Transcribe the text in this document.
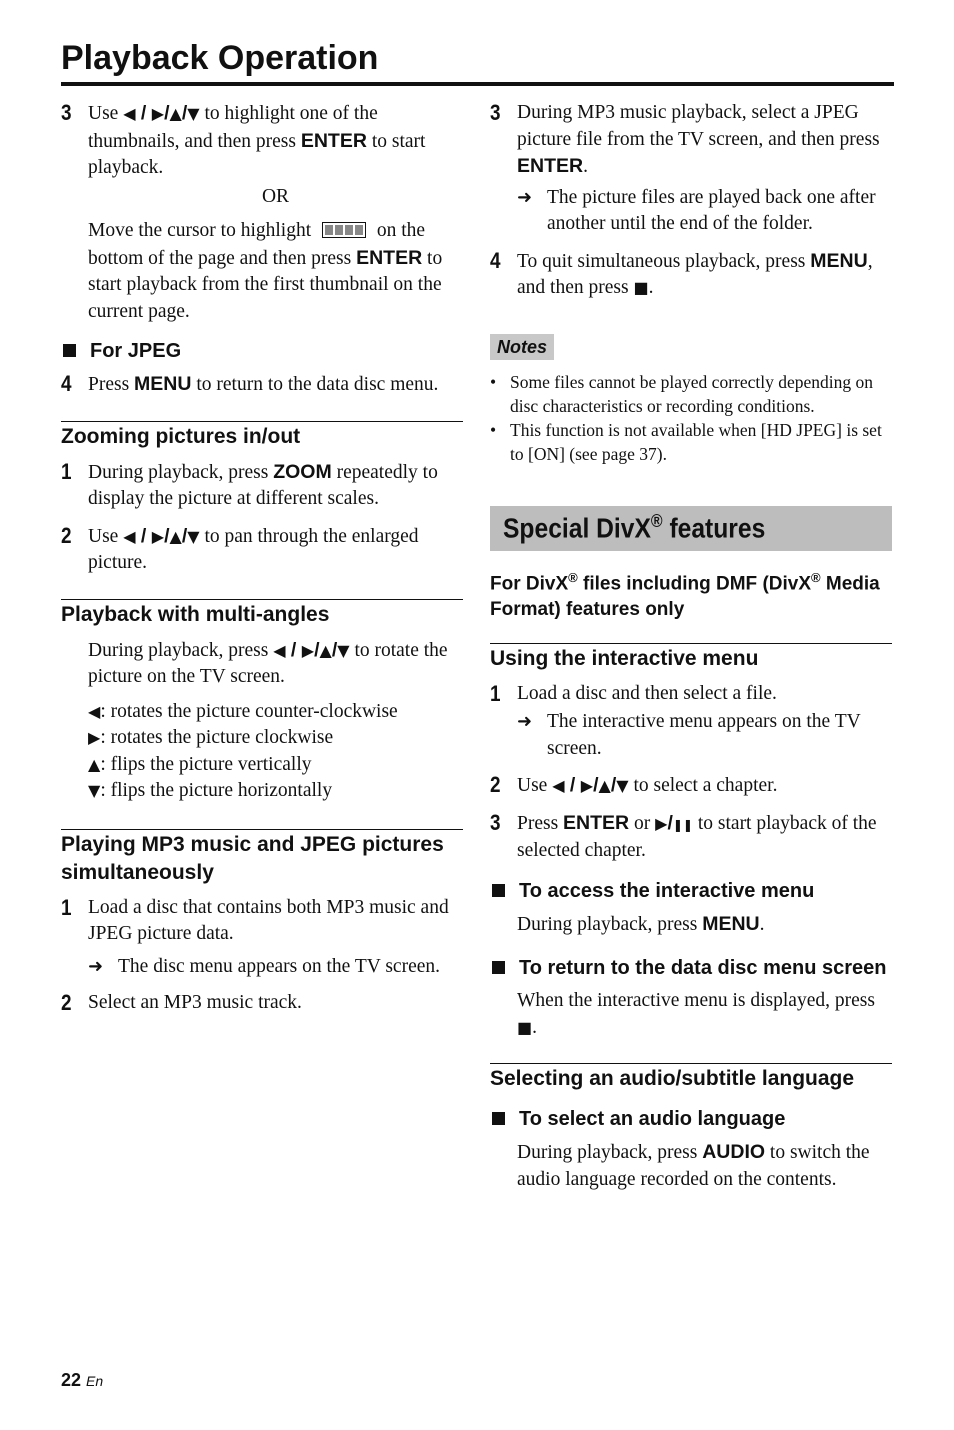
Playback Operation
3 Use ◀ / ▶/▲/▼ to highlight one of the thumbnails, and then press ENTER to start playback.
OR
Move the cursor to highlight	on the bottom of the page and then press ENTER to start playback from the first thumbnail on the current page.
For JPEG
4 Press MENU to return to the data disc menu.
Zooming pictures in/out
1 During playback, press ZOOM repeatedly to display the picture at different scales.
2 Use ◀ / ▶/▲/▼ to pan through the enlarged picture.
Playback with multi-angles
During playback, press ◀ / ▶/▲/▼ to rotate the picture on the TV screen.
◀: rotates the picture counter-clockwise
▶: rotates the picture clockwise
▲: flips the picture vertically
▼: flips the picture horizontally
Playing MP3 music and JPEG pictures simultaneously
1 Load a disc that contains both MP3 music and JPEG picture data.
➜ The disc menu appears on the TV screen.
2 Select an MP3 music track.
3 During MP3 music playback, select a JPEG picture file from the TV screen, and then press ENTER.
➜ The picture files are played back one after another until the end of the folder.
4 To quit simultaneous playback, press MENU, and then press ■.
Notes
• Some files cannot be played correctly depending on disc characteristics or recording conditions.
• This function is not available when [HD JPEG] is set to [ON] (see page 37).
Special DivX® features
For DivX® files including DMF (DivX® Media Format) features only
Using the interactive menu
1 Load a disc and then select a file.
➜ The interactive menu appears on the TV screen.
2 Use ◀ / ▶/▲/▼ to select a chapter.
3 Press ENTER or ▶/❚❚ to start playback of the selected chapter.
To access the interactive menu
During playback, press MENU.
To return to the data disc menu screen
When the interactive menu is displayed, press ■.
Selecting an audio/subtitle language
To select an audio language
During playback, press AUDIO to switch the audio language recorded on the contents.
22 En
